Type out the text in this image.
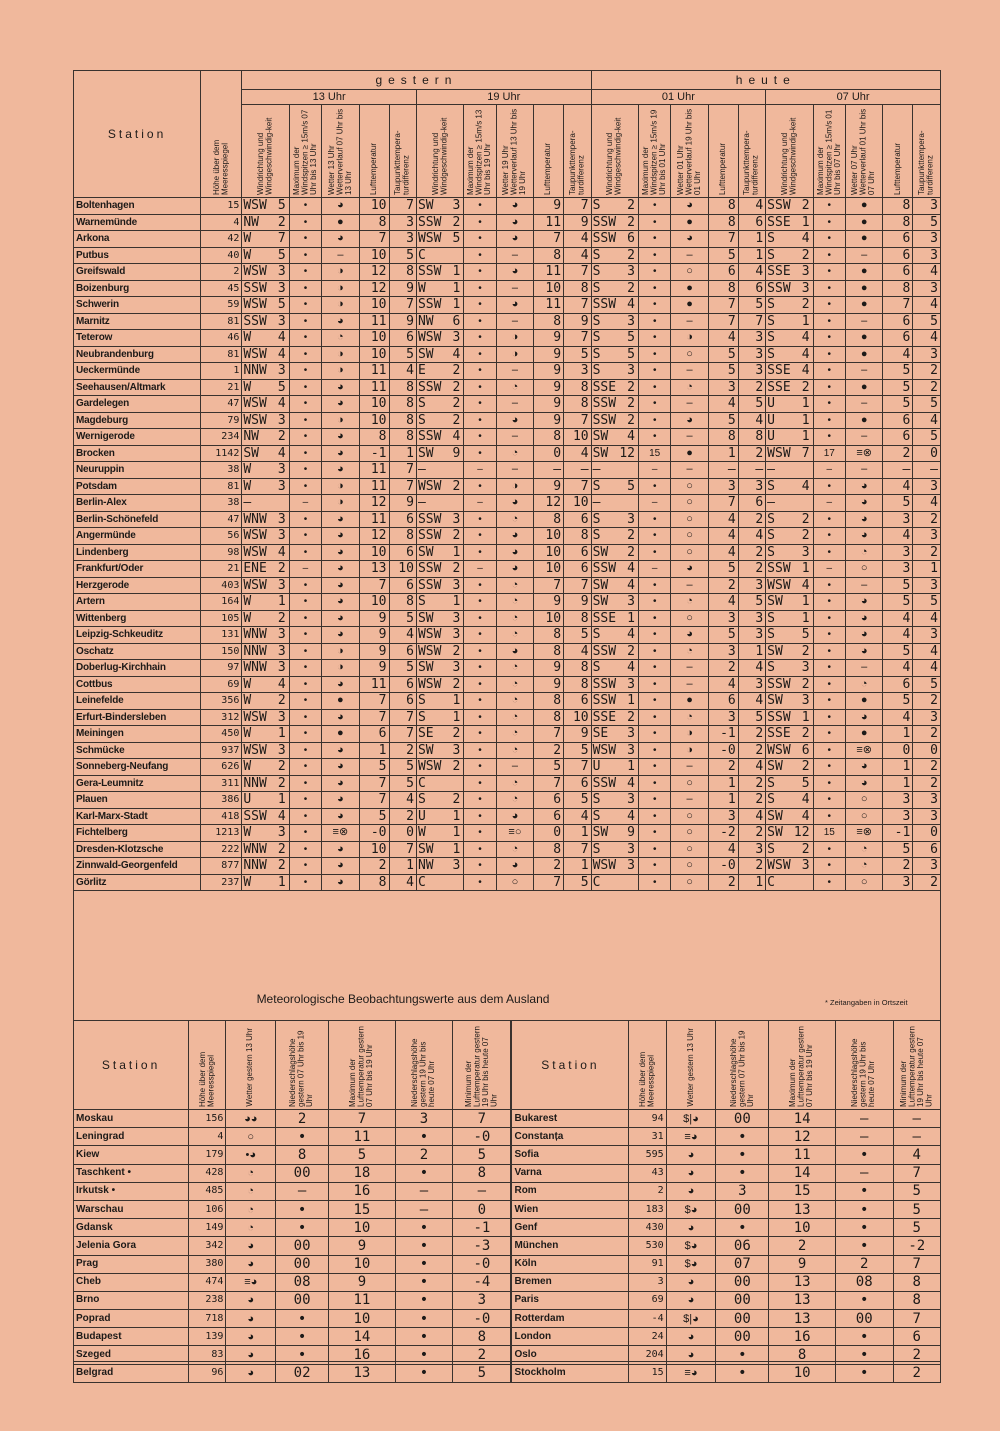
Station	Höhe über dem Meeresspiegel	gestern										heute									
		13 Uhr					19 Uhr					01 Uhr					07 Uhr				

		Windrichtung und Windgeschwindig-keit	Maximum der Windspitzen ≥ 15m/s 07 Uhr bis 13 Uhr	Wetter 13 Uhr Wetterverlauf 07 Uhr bis 13 Uhr	Lufttemperatur	Taupunkttempera-turdifferenz	Windrichtung und Windgeschwindig-keit	Maximum der Windspitzen ≥ 15m/s 13 Uhr bis 19 Uhr	Wetter 19 Uhr Wetterverlauf 13 Uhr bis 19 Uhr	Lufttemperatur	Taupunkttempera-turdifferenz	Windrichtung und Windgeschwindig-keit	Maximum der Windspitzen ≥ 15m/s 19 Uhr bis 01 Uhr	Wetter 01 Uhr Wetterverlauf 19 Uhr bis 01 Uhr	Lufttemperatur	Taupunkttempera-turdifferenz	Windrichtung und Windgeschwindig-keit	Maximum der Windspitzen ≥ 15m/s 01 Uhr bis 07 Uhr	Wetter 07 Uhr Wetterverlauf 01 Uhr bis 07 Uhr	Lufttemperatur	Taupunkttempera-turdifferenz

Boltenhagen	15	WSW 5	•	◕	10	7	SW 3	•	◕	9	7	S 2	•	◕	8	4	SSW 2	•	●	8	3
Warnemünde	4	NW 2	•	●	8	3	SSW 2	•	◕	11	9	SSW 2	•	●	8	6	SSE 1	•	●	8	5
Arkona	42	W 7	•	◕	7	3	WSW 5	•	◕	7	4	SSW 6	•	◕	7	1	S 4	•	●	6	3
Putbus	40	W 5	•	–	10	5	C	•	–	8	4	S 2	•	–	5	1	S 2	•	–	6	3
Greifswald	2	WSW 3	•	◑	12	8	SSW 1	•	◕	11	7	S 3	•	○	6	4	SSE 3	•	●	6	4
Boizenburg	45	SSW 3	•	◑	12	9	W 1	•	–	10	8	S 2	•	●	8	6	SSW 3	•	●	8	3
Schwerin	59	WSW 5	•	◑	10	7	SSW 1	•	◕	11	7	SSW 4	•	●	7	5	S 2	•	●	7	4
Marnitz	81	SSW 3	•	◕	11	9	NW 6	•	–	8	9	S 3	•	–	7	7	S 1	•	–	6	5
Teterow	46	W 4	•	◔	10	6	WSW 3	•	◑	9	7	S 5	•	◑	4	3	S 4	•	●	6	4
Neubrandenburg	81	WSW 4	•	◑	10	5	SW 4	•	◑	9	5	S 5	•	○	5	3	S 4	•	●	4	3
Ueckermünde	1	NNW 3	•	◑	11	4	E 2	•	–	9	3	S 3	•	–	5	3	SSE 4	•	–	5	2
Seehausen/Altmark	21	W 5	•	◕	11	8	SSW 2	•	◔	9	8	SSE 2	•	◔	3	2	SSE 2	•	●	5	2
Gardelegen	47	WSW 4	•	◕	10	8	S 2	•	–	9	8	SSW 2	•	–	4	5	U 1	•	–	5	5
Magdeburg	79	WSW 3	•	◑	10	8	S 2	•	◕	9	7	SSW 2	•	◕	5	4	U 1	•	●	6	4
Wernigerode	234	NW 2	•	◕	8	8	SSW 4	•	–	8	10	SW 4	•	–	8	8	U 1	•	–	6	5
Brocken	1142	SW 4	•	◕	-1	1	SW 9	•	◔	0	4	SW 12	15	●	1	2	WSW 7	17	≡⊗	2	0
Neuruppin	38	W 3	•	◕	11	7	–	–	–	–	–	–	–	–	–	–	–	–	–	–	–
Potsdam	81	W 3	•	◑	11	7	WSW 2	•	◑	9	7	S 5	•	○	3	3	S 4	•	◕	4	3
Berlin-Alex	38	–	–	◑	12	9	–	–	◕	12	10	–	–	○	7	6	–	–	◕	5	4
Berlin-Schönefeld	47	WNW 3	•	◕	11	6	SSW 3	•	◔	8	6	S 3	•	○	4	2	S 2	•	◕	3	2
Angermünde	56	WSW 3	•	◕	12	8	SSW 2	•	◕	10	8	S 2	•	○	4	4	S 2	•	◕	4	3
Lindenberg	98	WSW 4	•	◕	10	6	SW 1	•	◕	10	6	SW 2	•	○	4	2	S 3	•	◔	3	2
Frankfurt/Oder	21	ENE 2	–	◕	13	10	SSW 2	–	◕	10	6	SSW 4	–	◕	5	2	SSW 1	–	○	3	1
Herzgerode	403	WSW 3	•	◕	7	6	SSW 3	•	◔	7	7	SW 4	•	–	2	3	WSW 4	•	–	5	3
Artern	164	W 1	•	◕	10	8	S 1	•	◔	9	9	SW 3	•	◔	4	5	SW 1	•	◕	5	5
Wittenberg	105	W 2	•	◕	9	5	SW 3	•	◔	10	8	SSE 1	•	○	3	3	S 1	•	◕	4	4
Leipzig-Schkeuditz	131	WNW 3	•	◕	9	4	WSW 3	•	◔	8	5	S 4	•	◕	5	3	S 5	•	◕	4	3
Oschatz	150	NNW 3	•	◑	9	6	WSW 2	•	◕	8	4	SSW 2	•	◔	3	1	SW 2	•	◕	5	4
Doberlug-Kirchhain	97	WNW 3	•	◑	9	5	SW 3	•	◔	9	8	S 4	•	–	2	4	S 3	•	–	4	4
Cottbus	69	W 4	•	◕	11	6	WSW 2	•	◔	9	8	SSW 3	•	–	4	3	SSW 2	•	◔	6	5
Leinefelde	356	W 2	•	●	7	6	S 1	•	◔	8	6	SSW 1	•	●	6	4	SW 3	•	●	5	2
Erfurt-Bindersleben	312	WSW 3	•	◕	7	7	S 1	•	◔	8	10	SSE 2	•	◔	3	5	SSW 1	•	◕	4	3
Meiningen	450	W 1	•	●	6	7	SE 2	•	◔	7	9	SE 3	•	◑	-1	2	SSE 2	•	●	1	2
Schmücke	937	WSW 3	•	◕	1	2	SW 3	•	◔	2	5	WSW 3	•	◑	-0	2	WSW 6	•	≡⊗	0	0
Sonneberg-Neufang	626	W 2	•	◕	5	5	WSW 2	•	–	5	7	U 1	•	–	2	4	SW 2	•	◕	1	2
Gera-Leumnitz	311	NNW 2	•	◕	7	5	C	•	◔	7	6	SSW 4	•	○	1	2	S 5	•	◕	1	2
Plauen	386	U 1	•	◕	7	4	S 2	•	◔	6	5	S 3	•	–	1	2	S 4	•	○	3	3
Karl-Marx-Stadt	418	SSW 4	•	◕	5	2	U 1	•	◕	6	4	S 4	•	○	3	4	SW 4	•	○	3	3
Fichtelberg	1213	W 3	•	≡⊗	-0	0	W 1	•	≡○	0	1	SW 9	•	○	-2	2	SW 12	15	≡⊗	-1	0
Dresden-Klotzsche	222	WNW 2	•	◕	10	7	SW 1	•	◔	8	7	S 3	•	○	4	3	S 2	•	◔	5	6
Zinnwald-Georgenfeld	877	NNW 2	•	◕	2	1	NW 3	•	◕	2	1	WSW 3	•	○	-0	2	WSW 3	•	◔	2	3
Görlitz	237	W 1	•	◕	8	4	C	•	○	7	5	C	•	○	2	1	C	•	○	3	2
Meteorologische Beobachtungswerte aus dem Ausland	* Zeitangaben in Ortszeit
Station	Höhe über dem Meeresspiegel	Wetter gestern 13 Uhr	Niederschlagshöhe gestern 07 Uhr bis 19 Uhr	Maximum der Lufttemperatur gestern 07 Uhr bis 19 Uhr	Niederschlagshöhe gestern 19 Uhr bis heute 07 Uhr	Minimum der Lufttemperatur gestern 19 Uhr bis heute 07 Uhr	Station	Höhe über dem Meeresspiegel	Wetter gestern 13 Uhr	Niederschlagshöhe gestern 07 Uhr bis 19 Uhr	Maximum der Lufttemperatur gestern 07 Uhr bis 19 Uhr	Niederschlagshöhe gestern 19 Uhr bis heute 07 Uhr	Minimum der Lufttemperatur gestern 19 Uhr bis heute 07 Uhr

Moskau	156	◕◕	2	7	3	7	Bukarest	94	$|◕	00	14	–	–
Leningrad	4	○	•	11	•	-0	Constanța	31	≡◕	•	12	–	–
Kiew	179	•◕	8	5	2	5	Sofia	595	◕	•	11	•	4
Taschkent •	428	◔	00	18	•	8	Varna	43	◕	•	14	–	7
Irkutsk •	485	◔	–	16	–	–	Rom	2	◕	3	15	•	5
Warschau	106	◔	•	15	–	0	Wien	183	$◕	00	13	•	5
Gdansk	149	◔	•	10	•	-1	Genf	430	◕	•	10	•	5
Jelenia Gora	342	◕	00	9	•	-3	München	530	$◕	06	2	•	-2
Prag	380	◕	00	10	•	-0	Köln	91	$◕	07	9	2	7
Cheb	474	≡◕	08	9	•	-4	Bremen	3	◕	00	13	08	8
Brno	238	◕	00	11	•	3	Paris	69	◕	00	13	•	8
Poprad	718	◕	•	10	•	-0	Rotterdam	-4	$|◕	00	13	00	7
Budapest	139	◕	•	14	•	8	London	24	◕	00	16	•	6
Szeged	83	◕	•	16	•	2	Oslo	204	◕	•	8	•	2
Belgrad	96	◕	02	13	•	5	Stockholm	15	≡◕	•	10	•	2
